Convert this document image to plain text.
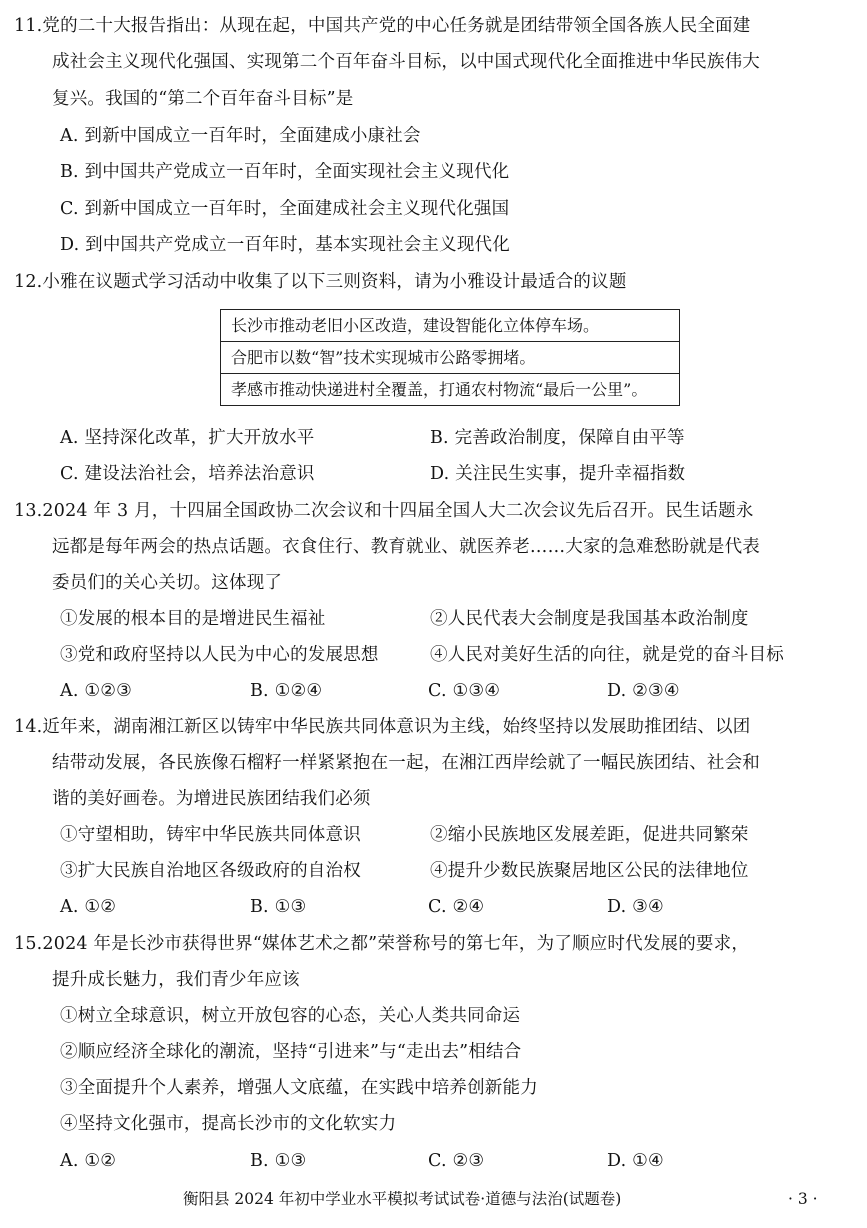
11.党的二十大报告指出：从现在起，中国共产党的中心任务就是团结带领全国各族人民全面建
成社会主义现代化强国、实现第二个百年奋斗目标，以中国式现代化全面推进中华民族伟大
复兴。我国的“第二个百年奋斗目标”是
A. 到新中国成立一百年时，全面建成小康社会
B. 到中国共产党成立一百年时，全面实现社会主义现代化
C. 到新中国成立一百年时，全面建成社会主义现代化强国
D. 到中国共产党成立一百年时，基本实现社会主义现代化
12.小雅在议题式学习活动中收集了以下三则资料，请为小雅设计最适合的议题
长沙市推动老旧小区改造，建设智能化立体停车场。
合肥市以数“智”技术实现城市公路零拥堵。
孝感市推动快递进村全覆盖，打通农村物流“最后一公里”。
A. 坚持深化改革，扩大开放水平	B. 完善政治制度，保障自由平等
C. 建设法治社会，培养法治意识	D. 关注民生实事，提升幸福指数
13.2024 年 3 月，十四届全国政协二次会议和十四届全国人大二次会议先后召开。民生话题永
远都是每年两会的热点话题。衣食住行、教育就业、就医养老……大家的急难愁盼就是代表
委员们的关心关切。这体现了
①发展的根本目的是增进民生福祉	②人民代表大会制度是我国基本政治制度
③党和政府坚持以人民为中心的发展思想	④人民对美好生活的向往，就是党的奋斗目标
A. ①②③	B. ①②④	C. ①③④	D. ②③④
14.近年来，湖南湘江新区以铸牢中华民族共同体意识为主线，始终坚持以发展助推团结、以团
结带动发展，各民族像石榴籽一样紧紧抱在一起，在湘江西岸绘就了一幅民族团结、社会和
谐的美好画卷。为增进民族团结我们必须
①守望相助，铸牢中华民族共同体意识	②缩小民族地区发展差距，促进共同繁荣
③扩大民族自治地区各级政府的自治权	④提升少数民族聚居地区公民的法律地位
A. ①②	B. ①③	C. ②④	D. ③④
15.2024 年是长沙市获得世界“媒体艺术之都”荣誉称号的第七年，为了顺应时代发展的要求，
提升成长魅力，我们青少年应该
①树立全球意识，树立开放包容的心态，关心人类共同命运
②顺应经济全球化的潮流，坚持“引进来”与“走出去”相结合
③全面提升个人素养，增强人文底蕴，在实践中培养创新能力
④坚持文化强市，提高长沙市的文化软实力
A. ①②	B. ①③	C. ②③	D. ①④
衡阳县 2024 年初中学业水平模拟考试试卷·道德与法治(试题卷)	· 3 ·
